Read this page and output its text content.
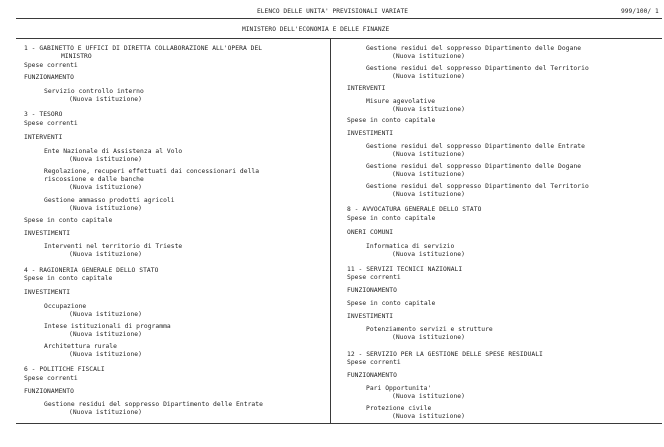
ELENCO DELLE UNITA' PREVISIONALI VARIATE	999/100/ 1
MINISTERO DELL'ECONOMIA E DELLE FINANZE
1 - GABINETTO E UFFICI DI DIRETTA COLLABORAZIONE ALL'OPERA DEL
MINISTRO
Spese correnti
FUNZIONAMENTO
Servizio controllo interno
(Nuova istituzione)
3 - TESORO
Spese correnti
INTERVENTI
Ente Nazionale di Assistenza al Volo
(Nuova istituzione)
Regolazione, recuperi effettuati dai concessionari della
riscossione e dalle banche
(Nuova istituzione)
Gestione ammasso prodotti agricoli
(Nuova istituzione)
Spese in conto capitale
INVESTIMENTI
Interventi nel territorio di Trieste
(Nuova istituzione)
4 - RAGIONERIA GENERALE DELLO STATO
Spese in conto capitale
INVESTIMENTI
Occupazione
(Nuova istituzione)
Intese istituzionali di programma
(Nuova istituzione)
Architettura rurale
(Nuova istituzione)
6 - POLITICHE FISCALI
Spese correnti
FUNZIONAMENTO
Gestione residui del soppresso Dipartimento delle Entrate
(Nuova istituzione)
Gestione residui del soppresso Dipartimento delle Dogane
(Nuova istituzione)
Gestione residui del soppresso Dipartimento del Territorio
(Nuova istituzione)
INTERVENTI
Misure agevolative
(Nuova istituzione)
Spese in conto capitale
INVESTIMENTI
Gestione residui del soppresso Dipartimento delle Entrate
(Nuova istituzione)
Gestione residui del soppresso Dipartimento delle Dogane
(Nuova istituzione)
Gestione residui del soppresso Dipartimento del Territorio
(Nuova istituzione)
8 - AVVOCATURA GENERALE DELLO STATO
Spese in conto capitale
ONERI COMUNI
Informatica di servizio
(Nuova istituzione)
11 - SERVIZI TECNICI NAZIONALI
Spese correnti
FUNZIONAMENTO
Spese in conto capitale
INVESTIMENTI
Potenziamento servizi e strutture
(Nuova istituzione)
12 - SERVIZIO PER LA GESTIONE DELLE SPESE RESIDUALI
Spese correnti
FUNZIONAMENTO
Pari Opportunita'
(Nuova istituzione)
Protezione civile
(Nuova istituzione)
